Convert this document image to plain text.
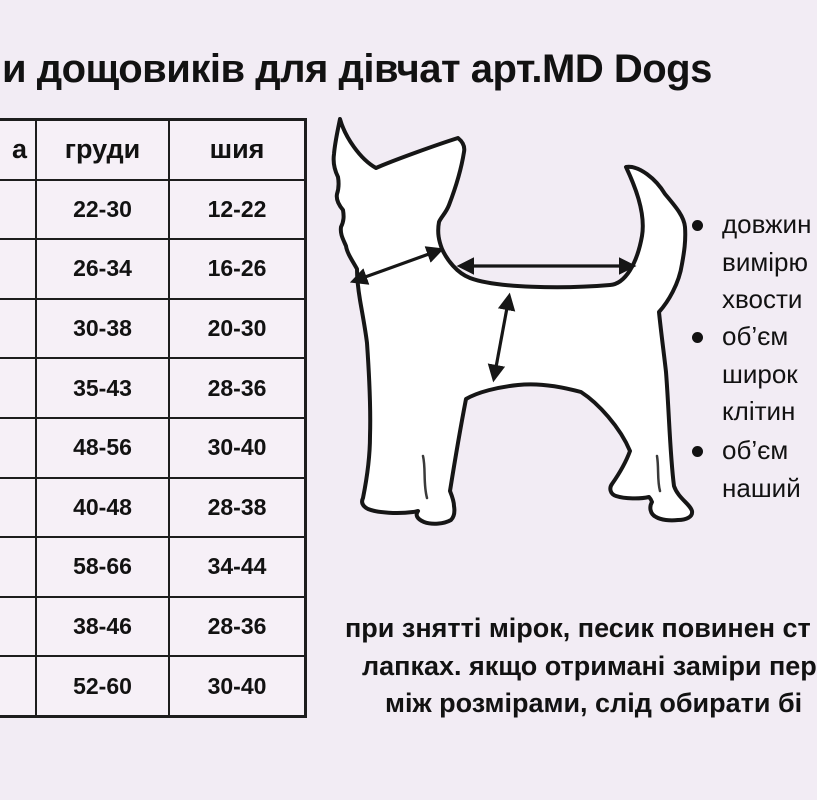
и дощовиків для дівчат арт.MD Dogs
а	груди	шия
22-30	12-22
26-34	16-26
30-38	20-30
35-43	28-36
48-56	30-40
40-48	28-38
58-66	34-44
38-46	28-36
52-60	30-40
довжин
вимірю
хвости
об’єм
широк
клітин
об’єм
наший
при знятті мірок, песик повинен ст
лапках. якщо отримані заміри пер
між розмірами, слід обирати бі
